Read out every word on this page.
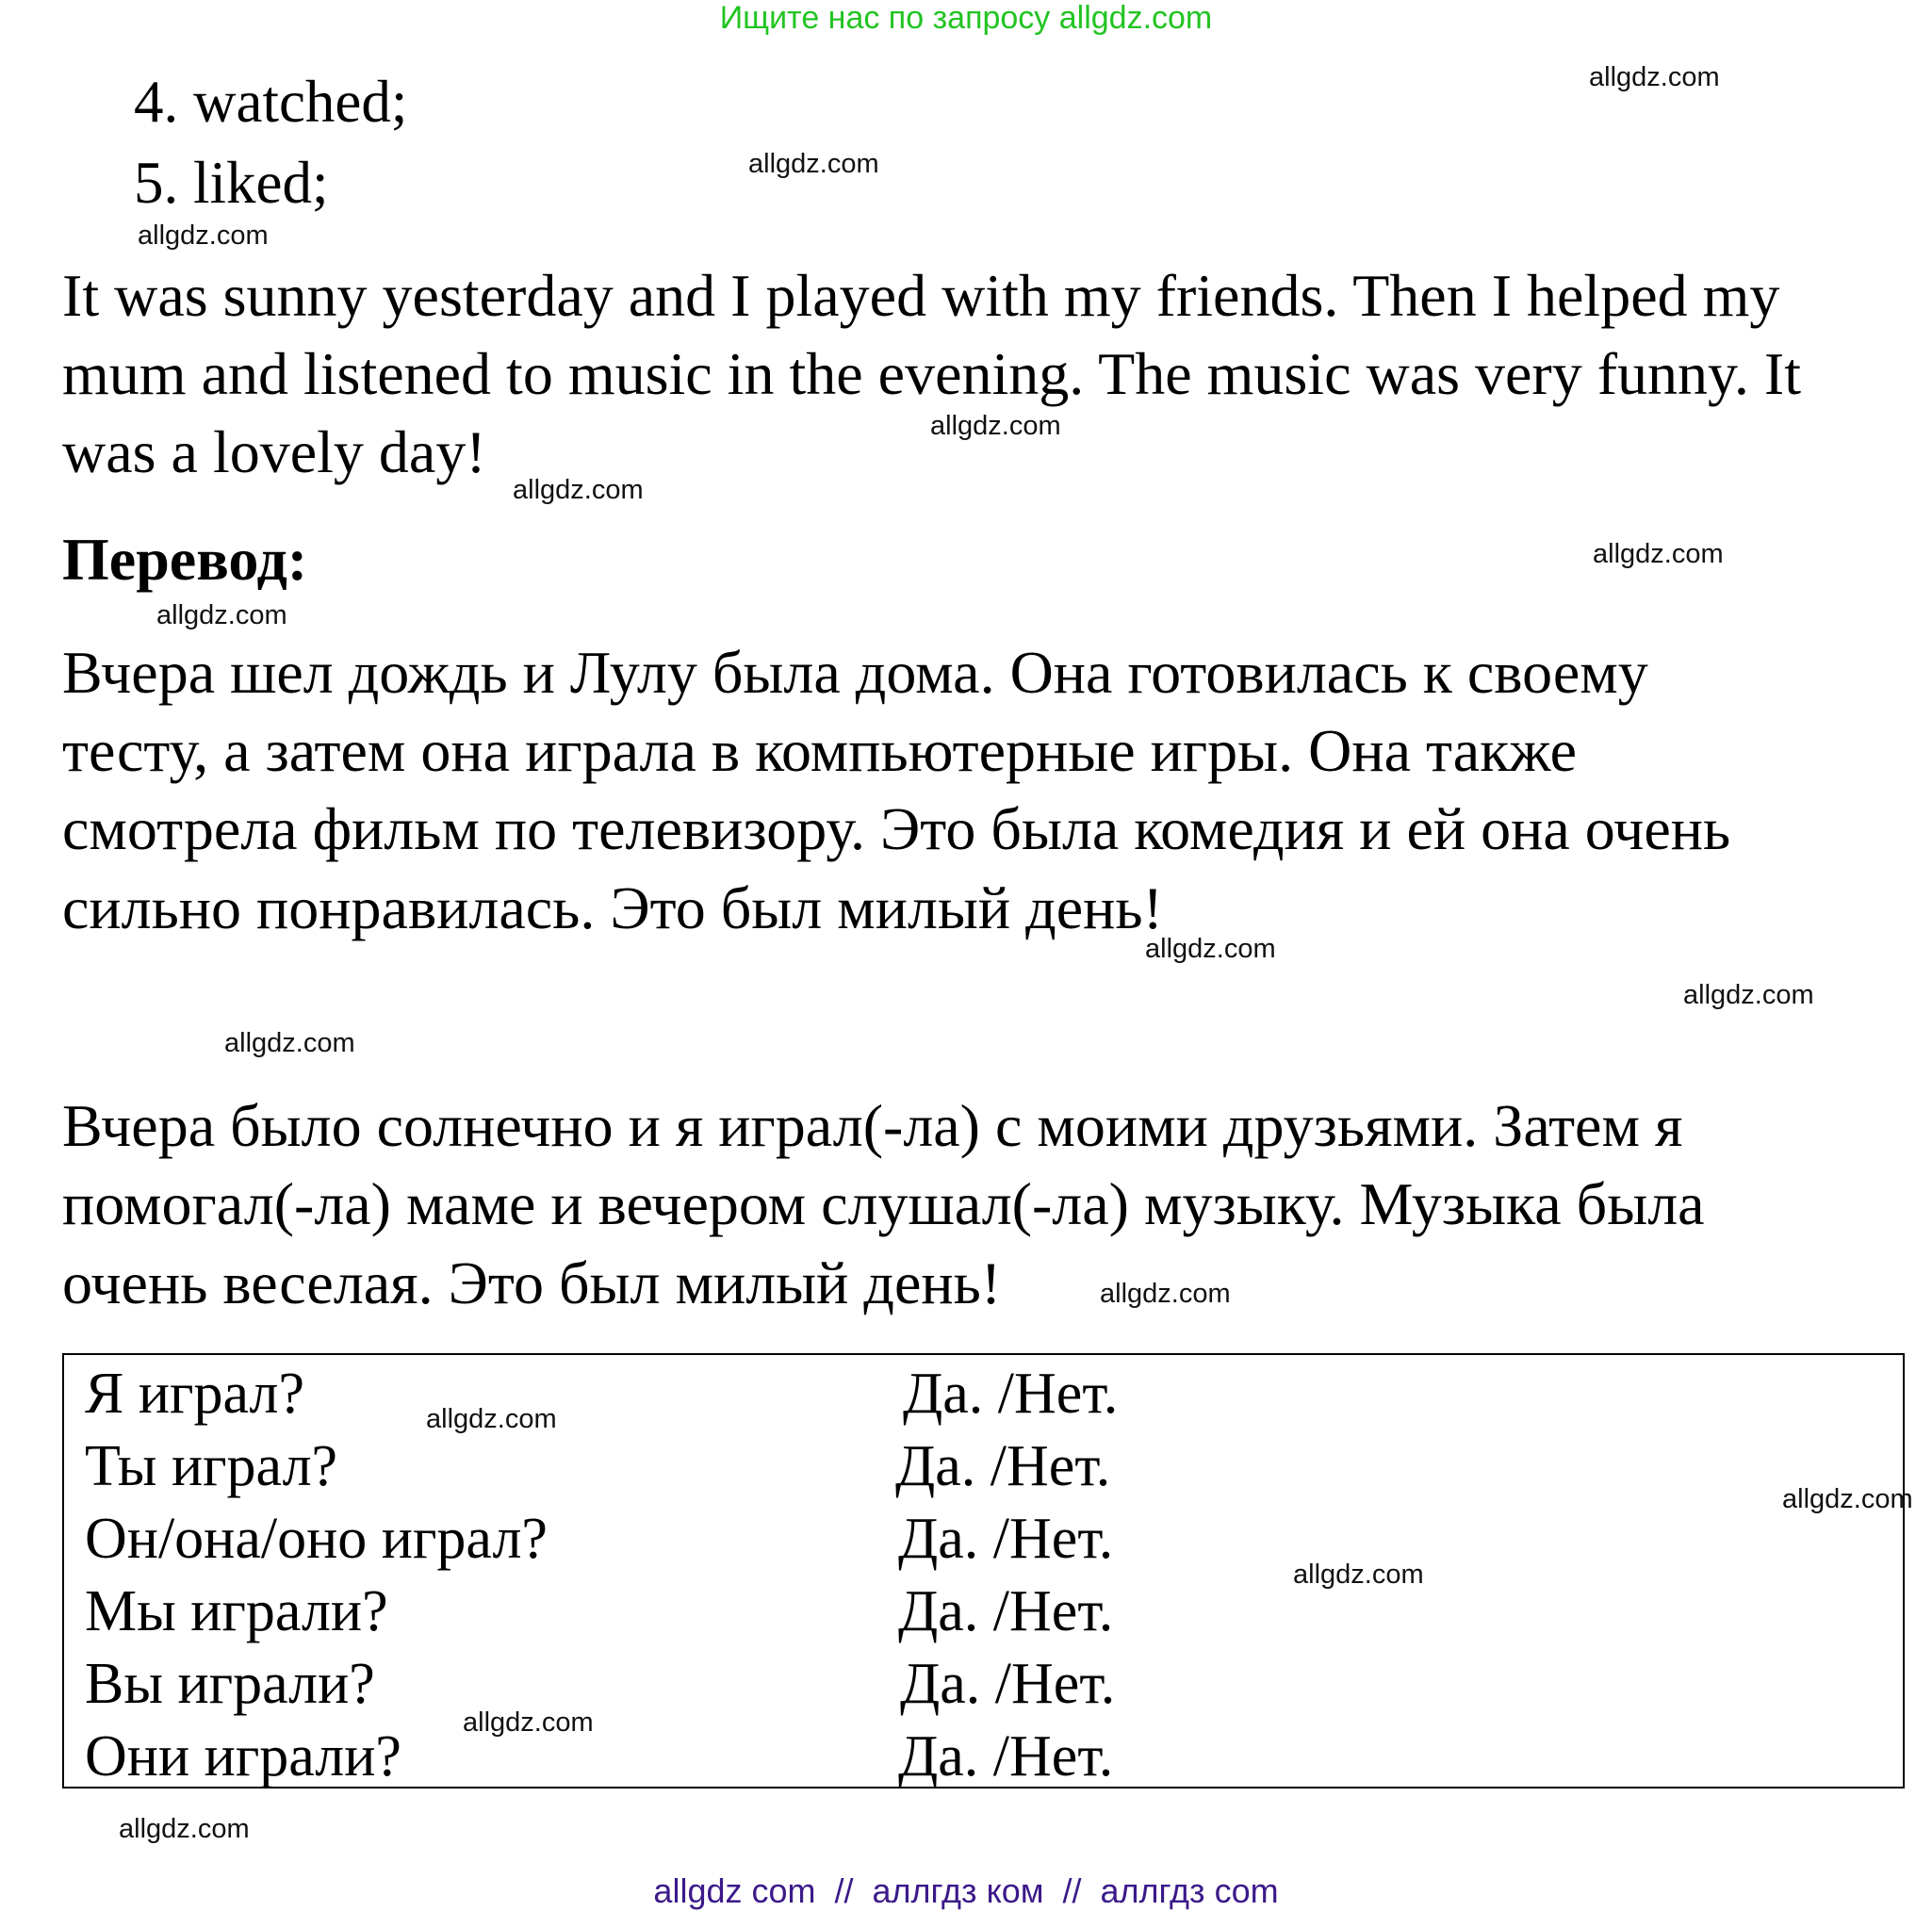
Ищите нас по запросу allgdz.com
4. watched;
5. liked;
It was sunny yesterday and I played with my friends. Then I helped my
mum and listened to music in the evening. The music was very funny. It
was a lovely day!
Перевод:
Вчера шел дождь и Лулу была дома. Она готовилась к своему
тесту, а затем она играла в компьютерные игры. Она также
смотрела фильм по телевизору. Это была комедия и ей она очень
сильно понравилась. Это был милый день!
Вчера было солнечно и я играл(-ла) с моими друзьями. Затем я
помогал(-ла) маме и вечером слушал(-ла) музыку. Музыка была
очень веселая. Это был милый день!
Я играл?	Да. /Нет.
Ты играл?	Да. /Нет.
Он/она/оно играл?	Да. /Нет.
Мы играли?	Да. /Нет.
Вы играли?	Да. /Нет.
Они играли?	Да. /Нет.
allgdz.com
allgdz.com
allgdz.com
allgdz.com
allgdz.com
allgdz.com
allgdz.com
allgdz.com
allgdz.com
allgdz.com
allgdz.com
allgdz.com
allgdz.com
allgdz.com
allgdz.com
allgdz.com
allgdz com  //  аллгдз ком  //  аллгдз com
